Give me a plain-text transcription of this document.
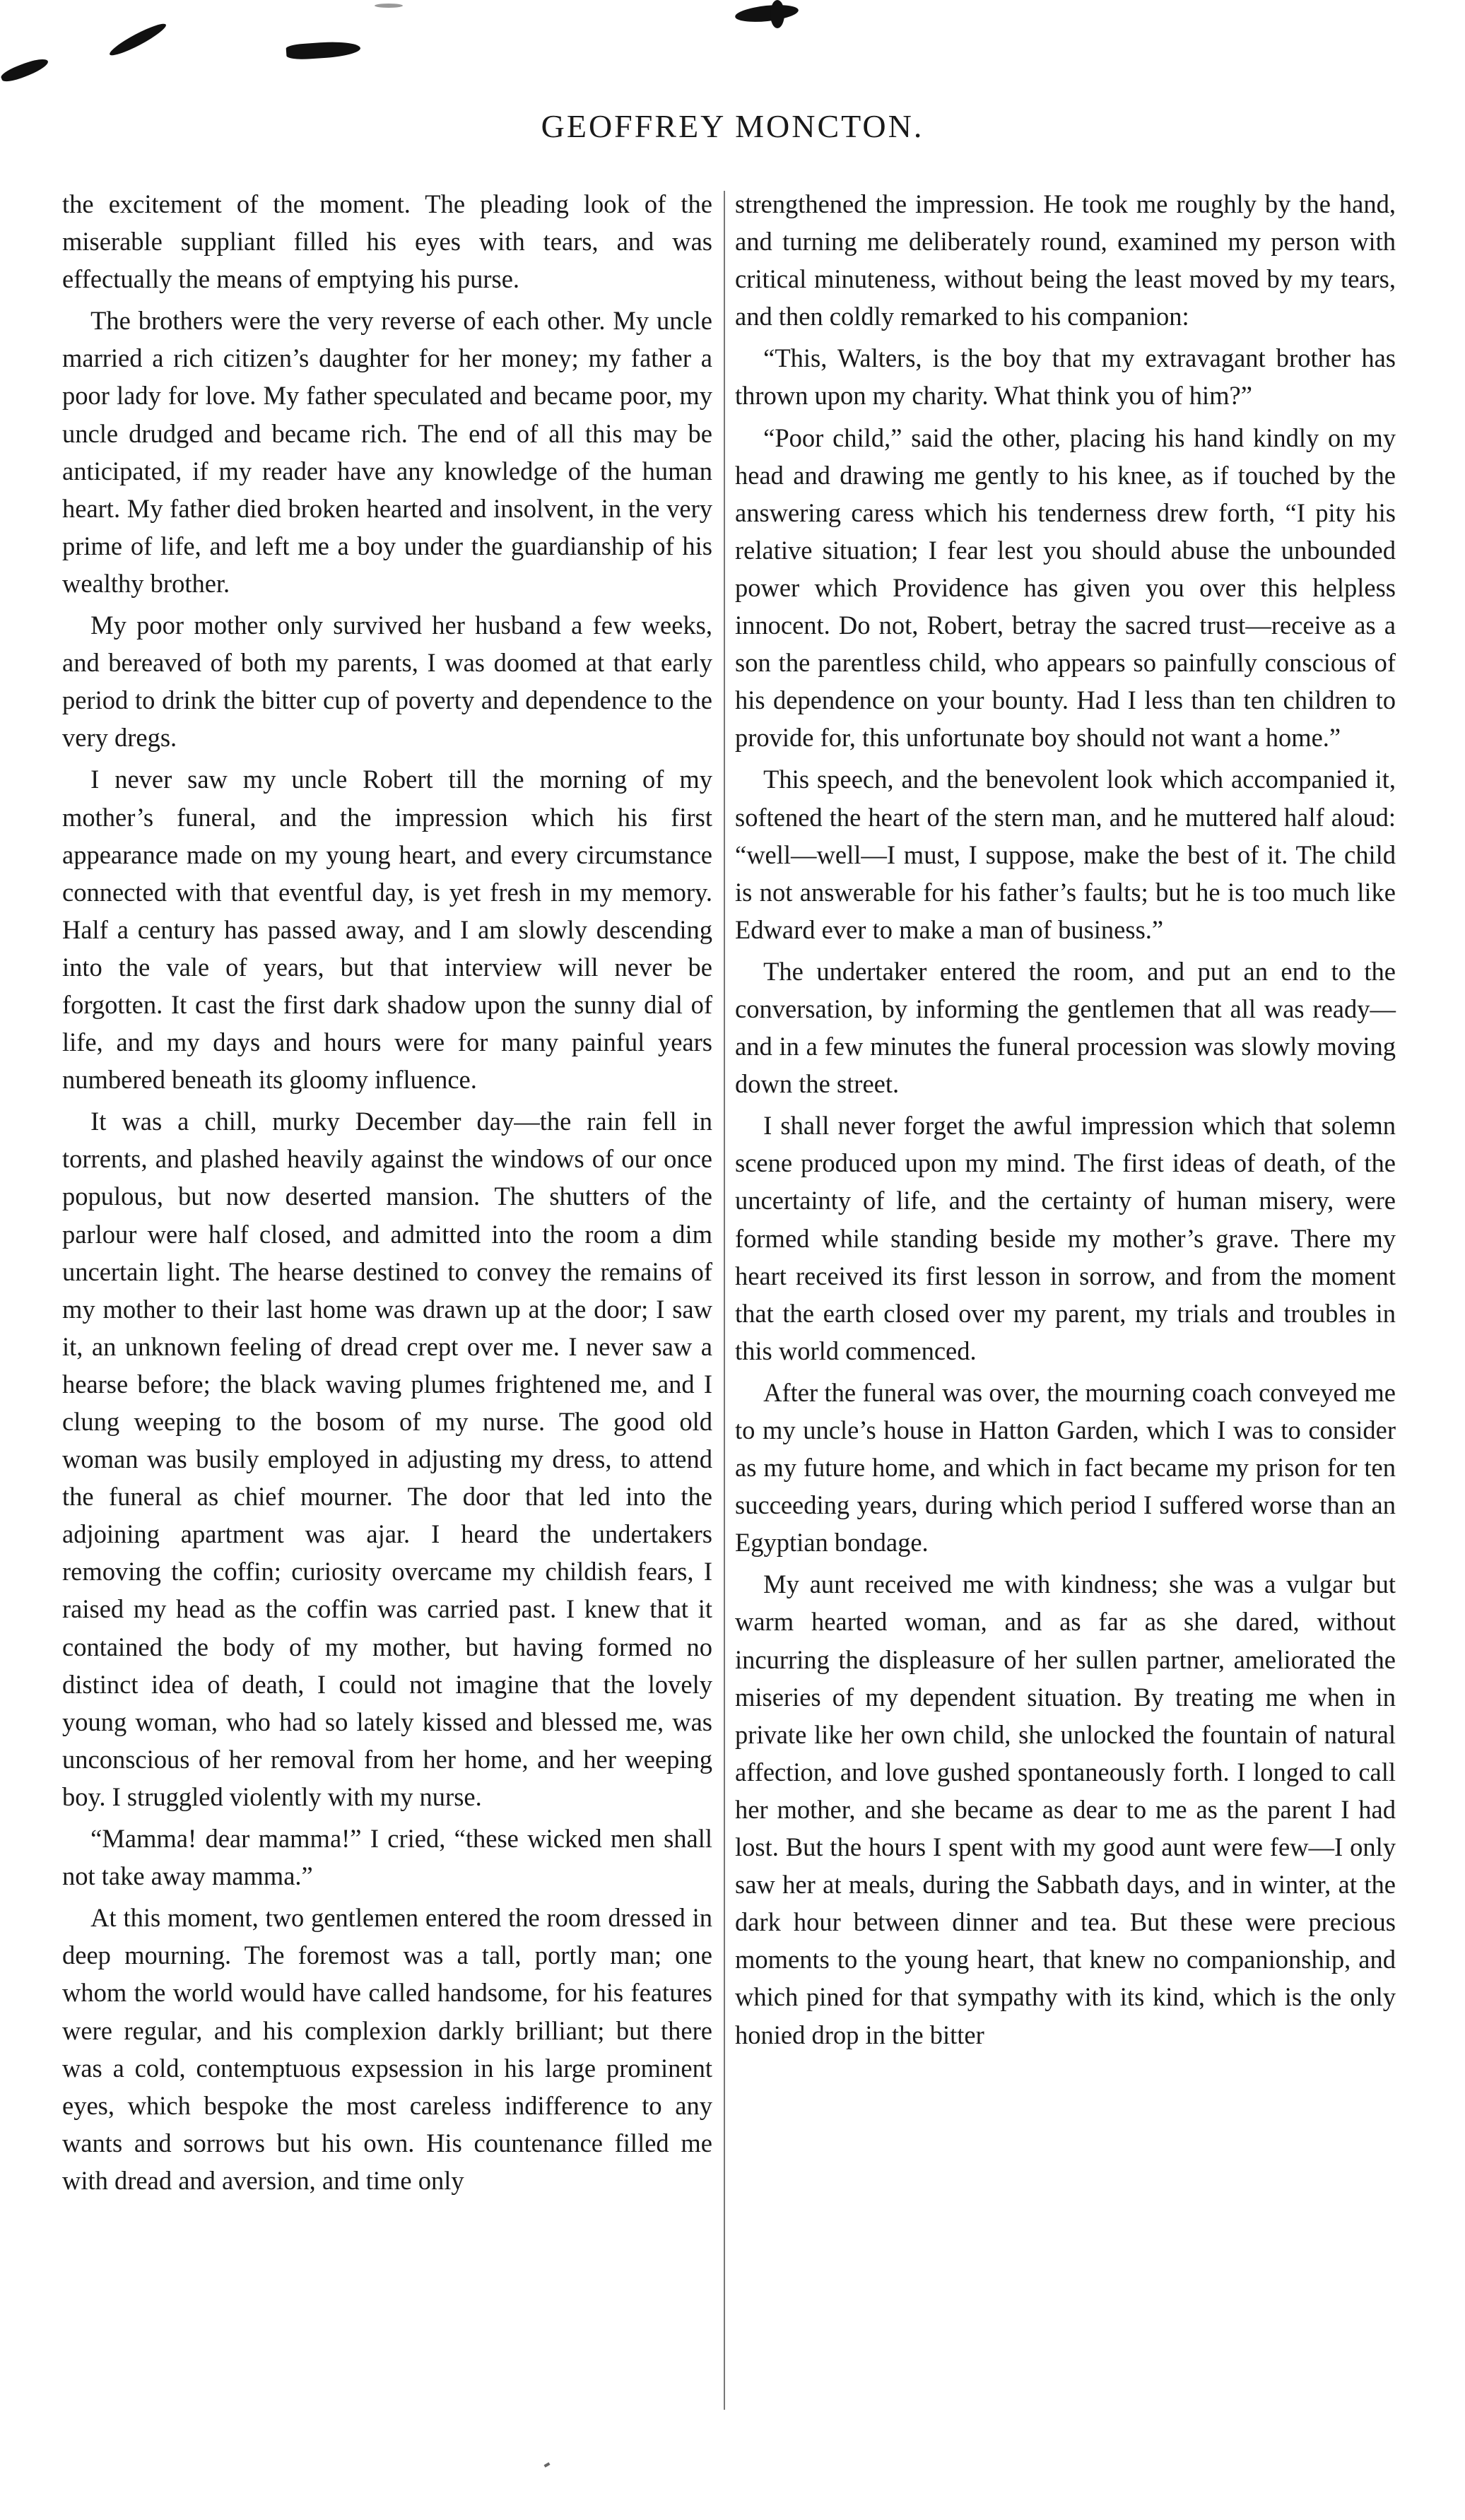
GEOFFREY MONCTON.

the excitement of the moment. The pleading look of the miserable suppliant filled his eyes with tears, and was effectually the means of emptying his purse.

The brothers were the very reverse of each other. My uncle married a rich citizen’s daughter for her money; my father a poor lady for love. My father speculated and became poor, my uncle drudged and became rich. The end of all this may be anticipated, if my reader have any knowledge of the human heart. My father died broken hearted and insolvent, in the very prime of life, and left me a boy under the guardianship of his wealthy brother.

My poor mother only survived her husband a few weeks, and bereaved of both my parents, I was doomed at that early period to drink the bitter cup of poverty and dependence to the very dregs.

I never saw my uncle Robert till the morning of my mother’s funeral, and the impression which his first appearance made on my young heart, and every circumstance connected with that eventful day, is yet fresh in my memory. Half a century has passed away, and I am slowly descending into the vale of years, but that interview will never be forgotten. It cast the first dark shadow upon the sunny dial of life, and my days and hours were for many painful years numbered beneath its gloomy influence.

It was a chill, murky December day—the rain fell in torrents, and plashed heavily against the windows of our once populous, but now deserted mansion. The shutters of the parlour were half closed, and admitted into the room a dim uncertain light. The hearse destined to convey the remains of my mother to their last home was drawn up at the door; I saw it, an unknown feeling of dread crept over me. I never saw a hearse before; the black waving plumes frightened me, and I clung weeping to the bosom of my nurse. The good old woman was busily employed in adjusting my dress, to attend the funeral as chief mourner. The door that led into the adjoining apartment was ajar. I heard the undertakers removing the coffin; curiosity overcame my childish fears, I raised my head as the coffin was carried past. I knew that it contained the body of my mother, but having formed no distinct idea of death, I could not imagine that the lovely young woman, who had so lately kissed and blessed me, was unconscious of her removal from her home, and her weeping boy. I struggled violently with my nurse.

“Mamma! dear mamma!” I cried, “these wicked men shall not take away mamma.”

At this moment, two gentlemen entered the room dressed in deep mourning. The foremost was a tall, portly man; one whom the world would have called handsome, for his features were regular, and his complexion darkly brilliant; but there was a cold, contemptuous expsession in his large prominent eyes, which bespoke the most careless indifference to any wants and sorrows but his own. His countenance filled me with dread and aversion, and time only

strengthened the impression. He took me roughly by the hand, and turning me deliberately round, examined my person with critical minuteness, without being the least moved by my tears, and then coldly remarked to his companion:

“This, Walters, is the boy that my extravagant brother has thrown upon my charity. What think you of him?”

“Poor child,” said the other, placing his hand kindly on my head and drawing me gently to his knee, as if touched by the answering caress which his tenderness drew forth, “I pity his relative situation; I fear lest you should abuse the unbounded power which Providence has given you over this helpless innocent. Do not, Robert, betray the sacred trust—receive as a son the parentless child, who appears so painfully conscious of his dependence on your bounty. Had I less than ten children to provide for, this unfortunate boy should not want a home.”

This speech, and the benevolent look which accompanied it, softened the heart of the stern man, and he muttered half aloud: “well—well—I must, I suppose, make the best of it. The child is not answerable for his father’s faults; but he is too much like Edward ever to make a man of business.”

The undertaker entered the room, and put an end to the conversation, by informing the gentlemen that all was ready—and in a few minutes the funeral procession was slowly moving down the street.

I shall never forget the awful impression which that solemn scene produced upon my mind. The first ideas of death, of the uncertainty of life, and the certainty of human misery, were formed while standing beside my mother’s grave. There my heart received its first lesson in sorrow, and from the moment that the earth closed over my parent, my trials and troubles in this world commenced.

After the funeral was over, the mourning coach conveyed me to my uncle’s house in Hatton Garden, which I was to consider as my future home, and which in fact became my prison for ten succeeding years, during which period I suffered worse than an Egyptian bondage.

My aunt received me with kindness; she was a vulgar but warm hearted woman, and as far as she dared, without incurring the displeasure of her sullen partner, ameliorated the miseries of my dependent situation. By treating me when in private like her own child, she unlocked the fountain of natural affection, and love gushed spontaneously forth. I longed to call her mother, and she became as dear to me as the parent I had lost. But the hours I spent with my good aunt were few—I only saw her at meals, during the Sabbath days, and in winter, at the dark hour between dinner and tea. But these were precious moments to the young heart, that knew no companionship, and which pined for that sympathy with its kind, which is the only honied drop in the bitter
